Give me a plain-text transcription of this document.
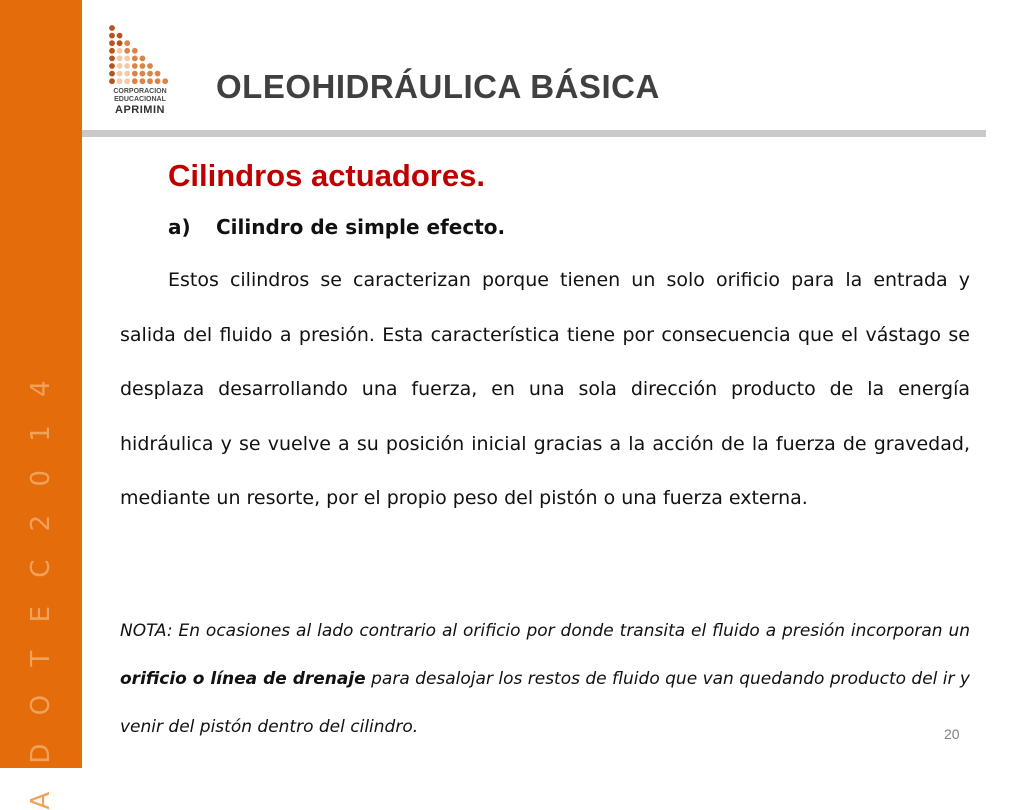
A D O T E C 2 0 1 4
CORPORACION
EDUCACIONAL
APRIMIN
OLEOHIDRÁULICA BÁSICA
Cilindros actuadores.
a) Cilindro de simple efecto.

Estos cilindros se caracterizan porque tienen un solo orificio para la entrada y salida del fluido a presión. Esta característica tiene por consecuencia que el vástago se desplaza desarrollando una fuerza, en una sola dirección producto de la energía hidráulica y se vuelve a su posición inicial gracias a la acción de la fuerza de gravedad, mediante un resorte, por el propio peso del pistón o una fuerza externa.

NOTA: En ocasiones al lado contrario al orificio por donde transita el fluido a presión incorporan un orificio o línea de drenaje para desalojar los restos de fluido que van quedando producto del ir y venir del pistón dentro del cilindro.	20
